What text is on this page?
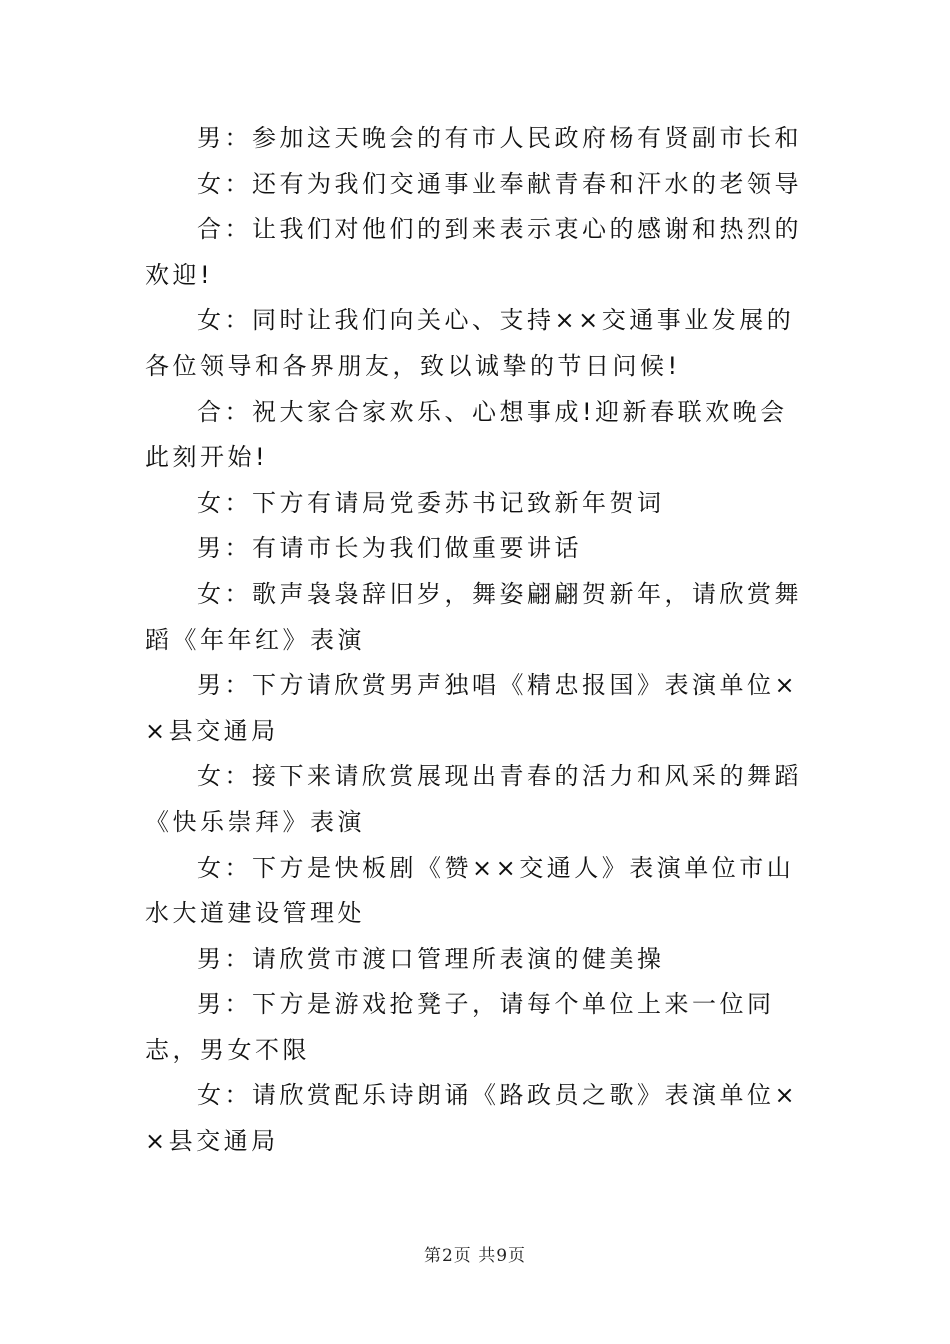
男：参加这天晚会的有市人民政府杨有贤副市长和

女：还有为我们交通事业奉献青春和汗水的老领导

合：让我们对他们的到来表示衷心的感谢和热烈的欢迎!

女：同时让我们向关心、支持××交通事业发展的各位领导和各界朋友，致以诚挚的节日问候!

合：祝大家合家欢乐、心想事成!迎新春联欢晚会此刻开始!

女：下方有请局党委苏书记致新年贺词

男：有请市长为我们做重要讲话

女：歌声袅袅辞旧岁，舞姿翩翩贺新年，请欣赏舞蹈《年年红》表演

男：下方请欣赏男声独唱《精忠报国》表演单位××县交通局

女：接下来请欣赏展现出青春的活力和风采的舞蹈《快乐崇拜》表演

女：下方是快板剧《赞××交通人》表演单位市山水大道建设管理处

男：请欣赏市渡口管理所表演的健美操

男：下方是游戏抢凳子，请每个单位上来一位同志，男女不限

女：请欣赏配乐诗朗诵《路政员之歌》表演单位××县交通局

第2页 共9页
